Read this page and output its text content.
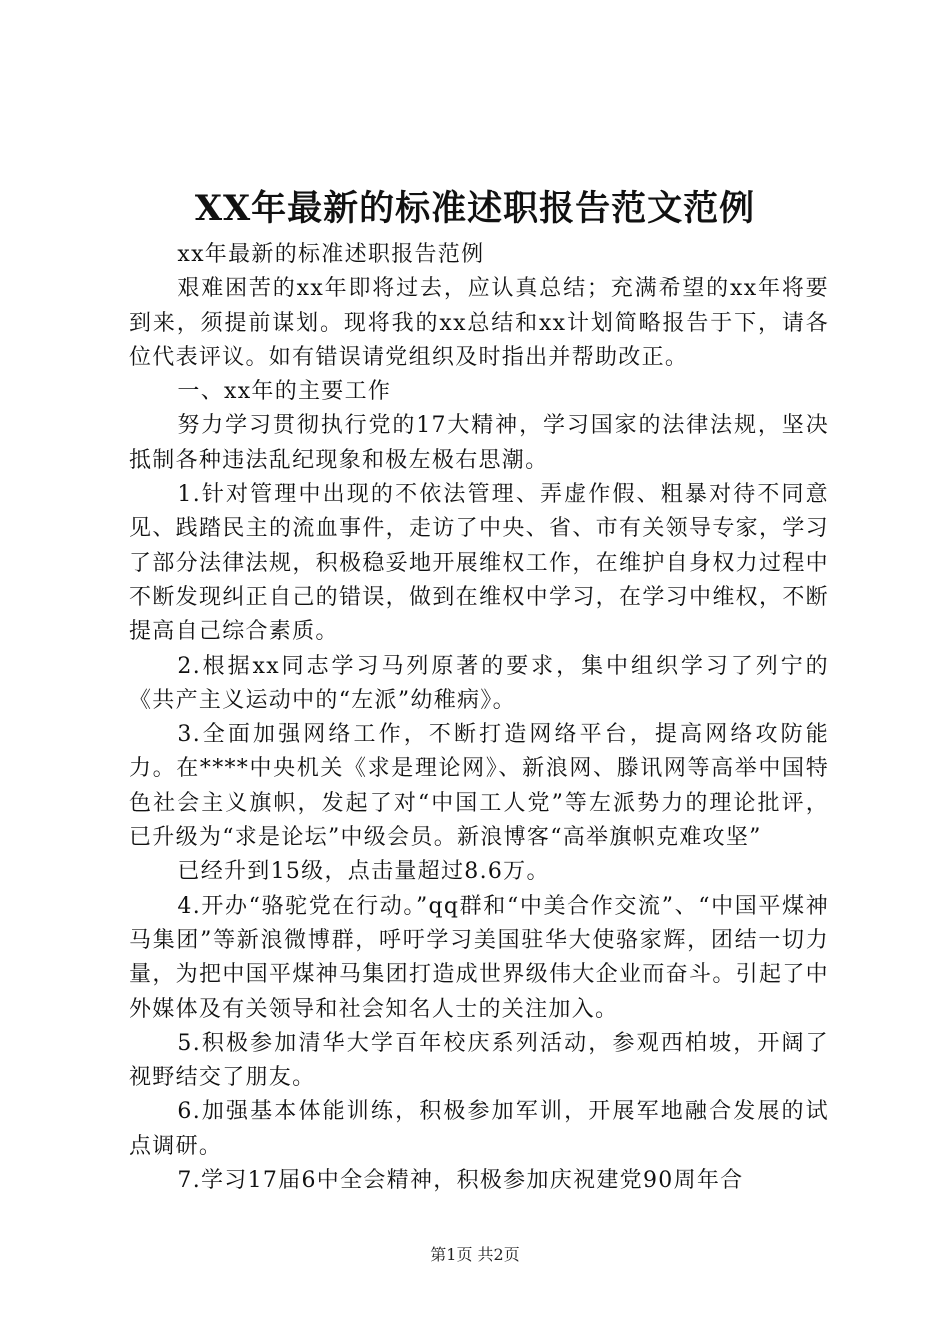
XX年最新的标准述职报告范文范例

xx年最新的标准述职报告范例

艰难困苦的xx年即将过去，应认真总结；充满希望的xx年将要到来，须提前谋划。现将我的xx总结和xx计划简略报告于下，请各位代表评议。如有错误请党组织及时指出并帮助改正。

一、xx年的主要工作

努力学习贯彻执行党的17大精神，学习国家的法律法规，坚决抵制各种违法乱纪现象和极左极右思潮。

1.针对管理中出现的不依法管理、弄虚作假、粗暴对待不同意见、践踏民主的流血事件，走访了中央、省、市有关领导专家，学习了部分法律法规，积极稳妥地开展维权工作，在维护自身权力过程中不断发现纠正自己的错误，做到在维权中学习，在学习中维权，不断提高自己综合素质。

2.根据xx同志学习马列原著的要求，集中组织学习了列宁的《共产主义运动中的“左派”幼稚病》。

3.全面加强网络工作，不断打造网络平台，提高网络攻防能力。在****中央机关《求是理论网》、新浪网、滕讯网等高举中国特色社会主义旗帜，发起了对“中国工人党”等左派势力的理论批评，已升级为“求是论坛”中级会员。新浪博客“高举旗帜克难攻坚”

已经升到15级，点击量超过8.6万。

4.开办“骆驼党在行动。”qq群和“中美合作交流”、“中国平煤神马集团”等新浪微博群，呼吁学习美国驻华大使骆家辉，团结一切力量，为把中国平煤神马集团打造成世界级伟大企业而奋斗。引起了中外媒体及有关领导和社会知名人士的关注加入。

5.积极参加清华大学百年校庆系列活动，参观西柏坡，开阔了视野结交了朋友。

6.加强基本体能训练，积极参加军训，开展军地融合发展的试点调研。

7.学习17届6中全会精神，积极参加庆祝建党90周年合

第1页 共2页
